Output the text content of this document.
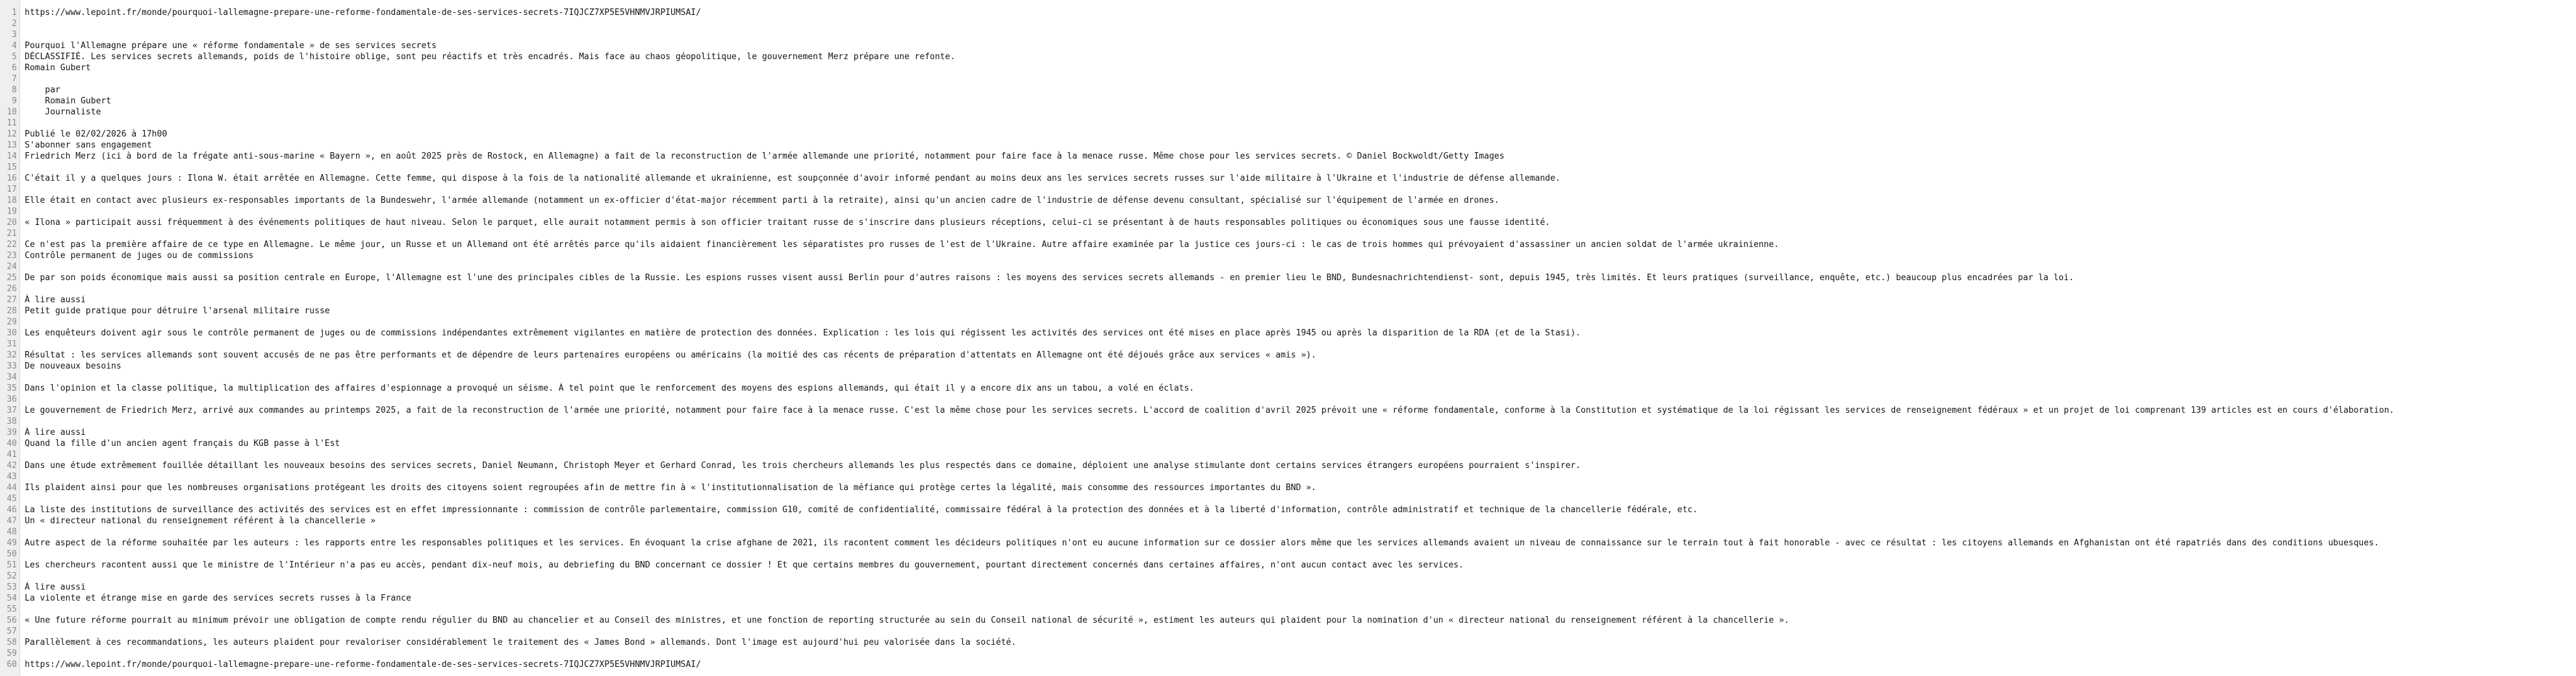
1 https://www.lepoint.fr/monde/pourquoi-lallemagne-prepare-une-reforme-fondamentale-de-ses-services-secrets-7IQJCZ7XP5E5VHNMVJRPIUMSAI/
2
3
4 Pourquoi l'Allemagne prépare une « réforme fondamentale » de ses services secrets
5 DÉCLASSIFIÉ. Les services secrets allemands, poids de l'histoire oblige, sont peu réactifs et très encadrés. Mais face au chaos géopolitique, le gouvernement Merz prépare une refonte.
6 Romain Gubert
7
8 par
9 Romain Gubert
10 Journaliste
11
12 Publié le 02/02/2026 à 17h00
13 S'abonner sans engagement
14 Friedrich Merz (ici à bord de la frégate anti-sous-marine « Bayern », en août 2025 près de Rostock, en Allemagne) a fait de la reconstruction de l'armée allemande une priorité, notamment pour faire face à la menace russe. Même chose pour les services secrets. © Daniel Bockwoldt/Getty Images
15
16 C'était il y a quelques jours : Ilona W. était arrêtée en Allemagne. Cette femme, qui dispose à la fois de la nationalité allemande et ukrainienne, est soupçonnée d'avoir informé pendant au moins deux ans les services secrets russes sur l'aide militaire à l'Ukraine et l'industrie de défense allemande.
17
18 Elle était en contact avec plusieurs ex-responsables importants de la Bundeswehr, l'armée allemande (notamment un ex-officier d'état-major récemment parti à la retraite), ainsi qu'un ancien cadre de l'industrie de défense devenu consultant, spécialisé sur l'équipement de l'armée en drones.
19
20 « Ilona » participait aussi fréquemment à des événements politiques de haut niveau. Selon le parquet, elle aurait notamment permis à son officier traitant russe de s'inscrire dans plusieurs réceptions, celui-ci se présentant à de hauts responsables politiques ou économiques sous une fausse identité.
21
22 Ce n'est pas la première affaire de ce type en Allemagne. Le même jour, un Russe et un Allemand ont été arrêtés parce qu'ils aidaient financièrement les séparatistes pro russes de l'est de l'Ukraine. Autre affaire examinée par la justice ces jours-ci : le cas de trois hommes qui prévoyaient d'assassiner un ancien soldat de l'armée ukrainienne.
23 Contrôle permanent de juges ou de commissions
24
25 De par son poids économique mais aussi sa position centrale en Europe, l'Allemagne est l'une des principales cibles de la Russie. Les espions russes visent aussi Berlin pour d'autres raisons : les moyens des services secrets allemands - en premier lieu le BND, Bundesnachrichtendienst- sont, depuis 1945, très limités. Et leurs pratiques (surveillance, enquête, etc.) beaucoup plus encadrées par la loi.
26
27 À lire aussi
28 Petit guide pratique pour détruire l'arsenal militaire russe
29
30 Les enquêteurs doivent agir sous le contrôle permanent de juges ou de commissions indépendantes extrêmement vigilantes en matière de protection des données. Explication : les lois qui régissent les activités des services ont été mises en place après 1945 ou après la disparition de la RDA (et de la Stasi).
31
32 Résultat : les services allemands sont souvent accusés de ne pas être performants et de dépendre de leurs partenaires européens ou américains (la moitié des cas récents de préparation d'attentats en Allemagne ont été déjoués grâce aux services « amis »).
33 De nouveaux besoins
34
35 Dans l'opinion et la classe politique, la multiplication des affaires d'espionnage a provoqué un séisme. À tel point que le renforcement des moyens des espions allemands, qui était il y a encore dix ans un tabou, a volé en éclats.
36
37 Le gouvernement de Friedrich Merz, arrivé aux commandes au printemps 2025, a fait de la reconstruction de l'armée une priorité, notamment pour faire face à la menace russe. C'est la même chose pour les services secrets. L'accord de coalition d'avril 2025 prévoit une « réforme fondamentale, conforme à la Constitution et systématique de la loi régissant les services de renseignement fédéraux » et un projet de loi comprenant 139 articles est en cours d'élaboration.
38
39 À lire aussi
40 Quand la fille d'un ancien agent français du KGB passe à l'Est
41
42 Dans une étude extrêmement fouillée détaillant les nouveaux besoins des services secrets, Daniel Neumann, Christoph Meyer et Gerhard Conrad, les trois chercheurs allemands les plus respectés dans ce domaine, déploient une analyse stimulante dont certains services étrangers européens pourraient s'inspirer.
43
44 Ils plaident ainsi pour que les nombreuses organisations protégeant les droits des citoyens soient regroupées afin de mettre fin à « l'institutionnalisation de la méfiance qui protège certes la légalité, mais consomme des ressources importantes du BND ».
45
46 La liste des institutions de surveillance des activités des services est en effet impressionnante : commission de contrôle parlementaire, commission G10, comité de confidentialité, commissaire fédéral à la protection des données et à la liberté d'information, contrôle administratif et technique de la chancellerie fédérale, etc.
47 Un « directeur national du renseignement référent à la chancellerie »
48
49 Autre aspect de la réforme souhaitée par les auteurs : les rapports entre les responsables politiques et les services. En évoquant la crise afghane de 2021, ils racontent comment les décideurs politiques n'ont eu aucune information sur ce dossier alors même que les services allemands avaient un niveau de connaissance sur le terrain tout à fait honorable - avec ce résultat : les citoyens allemands en Afghanistan ont été rapatriés dans des conditions ubuesques.
50
51 Les chercheurs racontent aussi que le ministre de l'Intérieur n'a pas eu accès, pendant dix-neuf mois, au debriefing du BND concernant ce dossier ! Et que certains membres du gouvernement, pourtant directement concernés dans certaines affaires, n'ont aucun contact avec les services.
52
53 À lire aussi
54 La violente et étrange mise en garde des services secrets russes à la France
55
56 « Une future réforme pourrait au minimum prévoir une obligation de compte rendu régulier du BND au chancelier et au Conseil des ministres, et une fonction de reporting structurée au sein du Conseil national de sécurité », estiment les auteurs qui plaident pour la nomination d'un « directeur national du renseignement référent à la chancellerie ».
57
58 Parallèlement à ces recommandations, les auteurs plaident pour revaloriser considérablement le traitement des « James Bond » allemands. Dont l'image est aujourd'hui peu valorisée dans la société.
59
60 https://www.lepoint.fr/monde/pourquoi-lallemagne-prepare-une-reforme-fondamentale-de-ses-services-secrets-7IQJCZ7XP5E5VHNMVJRPIUMSAI/
